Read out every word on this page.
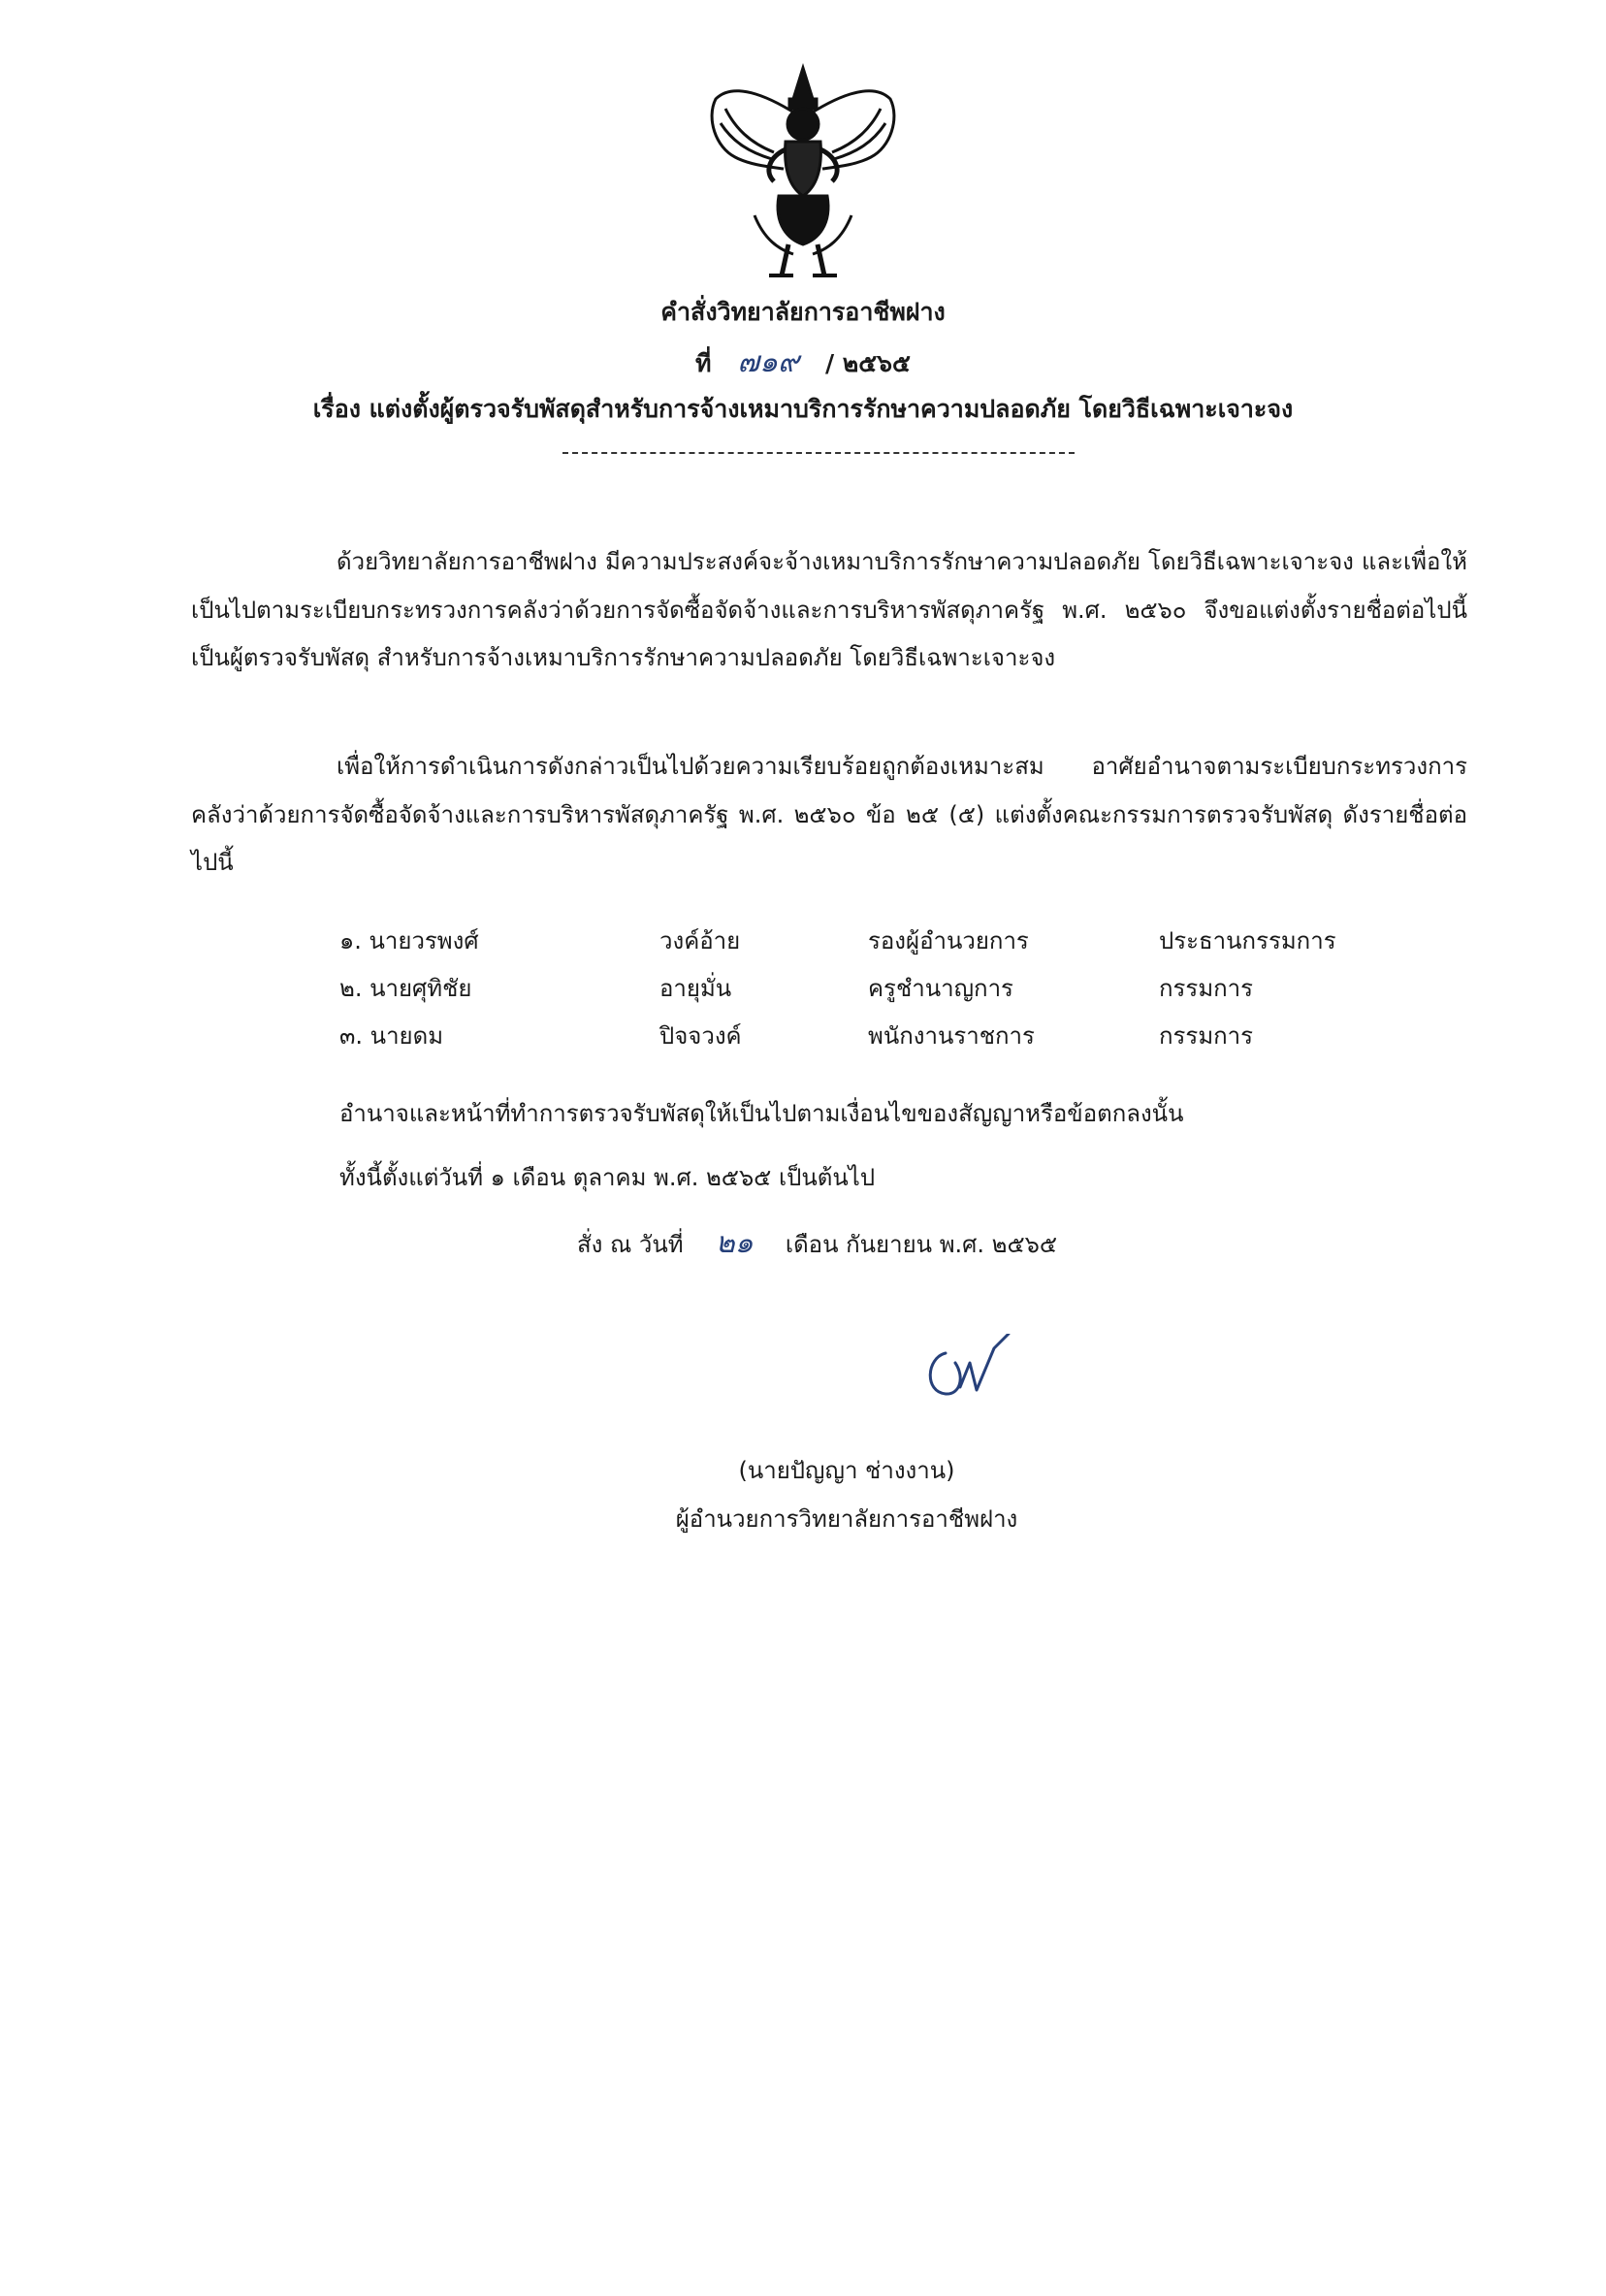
คำสั่งวิทยาลัยการอาชีพฝาง
ที่ ๗๑๙ / ๒๕๖๕
เรื่อง แต่งตั้งผู้ตรวจรับพัสดุสำหรับการจ้างเหมาบริการรักษาความปลอดภัย โดยวิธีเฉพาะเจาะจง

ด้วยวิทยาลัยการอาชีพฝาง มีความประสงค์จะจ้างเหมาบริการรักษาความปลอดภัย โดยวิธีเฉพาะเจาะจง และเพื่อให้เป็นไปตามระเบียบกระทรวงการคลังว่าด้วยการจัดซื้อจัดจ้างและการบริหารพัสดุภาครัฐ พ.ศ. ๒๕๖๐ จึงขอแต่งตั้งรายชื่อต่อไปนี้เป็นผู้ตรวจรับพัสดุ สำหรับการจ้างเหมาบริการรักษาความปลอดภัย โดยวิธีเฉพาะเจาะจง

เพื่อให้การดำเนินการดังกล่าวเป็นไปด้วยความเรียบร้อยถูกต้องเหมาะสม อาศัยอำนาจตามระเบียบกระทรวงการคลังว่าด้วยการจัดซื้อจัดจ้างและการบริหารพัสดุภาครัฐ พ.ศ. ๒๕๖๐ ข้อ ๒๕ (๕) แต่งตั้งคณะกรรมการตรวจรับพัสดุ ดังรายชื่อต่อไปนี้

๑. นายวรพงศ์	วงค์อ้าย	รองผู้อำนวยการ	ประธานกรรมการ
๒. นายศุทิชัย	อายุมั่น	ครูชำนาญการ	กรรมการ
๓. นายดม	ปิจจวงค์	พนักงานราชการ	กรรมการ
อำนาจและหน้าที่ทำการตรวจรับพัสดุให้เป็นไปตามเงื่อนไขของสัญญาหรือข้อตกลงนั้น
ทั้งนี้ตั้งแต่วันที่ ๑ เดือน ตุลาคม พ.ศ. ๒๕๖๕ เป็นต้นไป
สั่ง ณ วันที่ ๒๑ เดือน กันยายน พ.ศ. ๒๕๖๕
(นายปัญญา ช่างงาน)
ผู้อำนวยการวิทยาลัยการอาชีพฝาง
